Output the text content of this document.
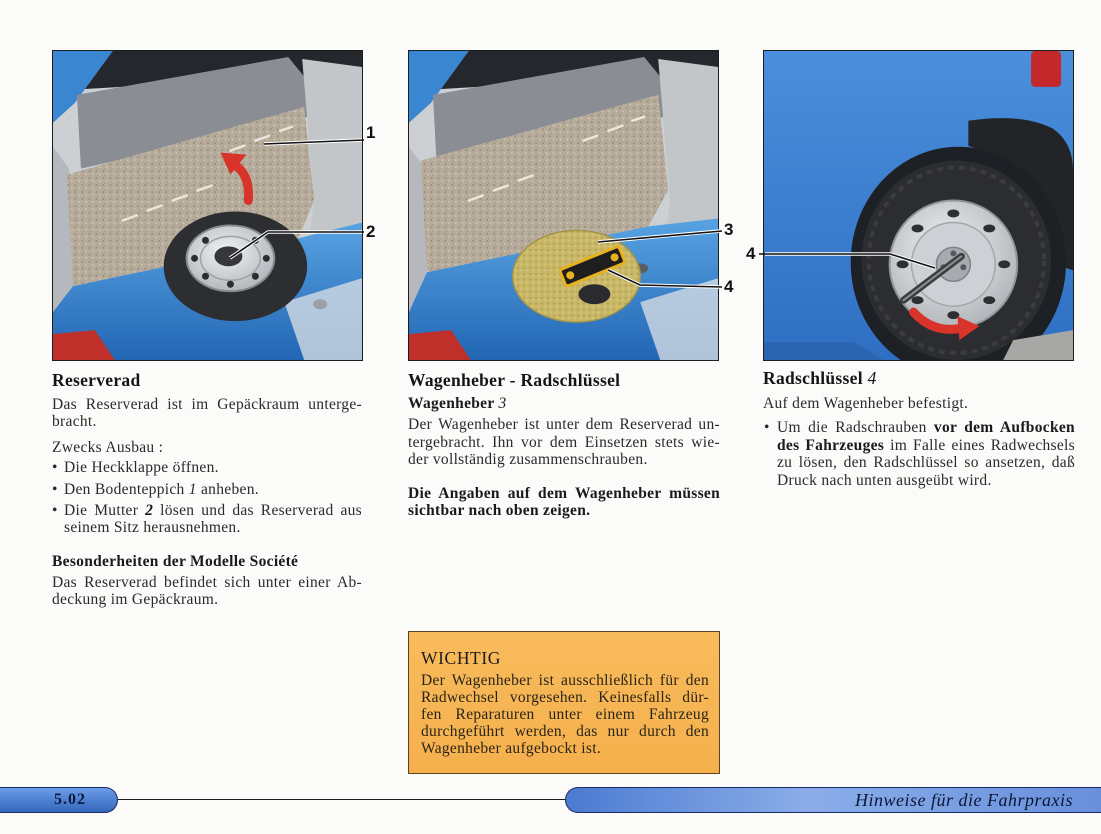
1
2	3
4
4
Reserverad
Das Reserverad ist im Gepäckraum unterge-
bracht.
Zwecks Ausbau :
• Die Heckklappe öffnen.
• Den Bodenteppich 1 anheben.
• Die Mutter 2 lösen und das Reserverad aus
seinem Sitz herausnehmen.
Besonderheiten der Modelle Société
Das Reserverad befindet sich unter einer Ab-
deckung im Gepäckraum.
Wagenheber - Radschlüssel
Wagenheber 3
Der Wagenheber ist unter dem Reserverad un-
tergebracht. Ihn vor dem Einsetzen stets wie-
der vollständig zusammenschrauben.
Die Angaben auf dem Wagenheber müssen
sichtbar nach oben zeigen.
Radschlüssel 4
Auf dem Wagenheber befestigt.
• Um die Radschrauben vor dem Aufbocken
des Fahrzeuges im Falle eines Radwechsels
zu lösen, den Radschlüssel so ansetzen, daß
Druck nach unten ausgeübt wird.
WICHTIG
Der Wagenheber ist ausschließlich für den
Radwechsel vorgesehen. Keinesfalls dür-
fen Reparaturen unter einem Fahrzeug
durchgeführt werden, das nur durch den
Wagenheber aufgebockt ist.
5.02	Hinweise für die Fahrpraxis
